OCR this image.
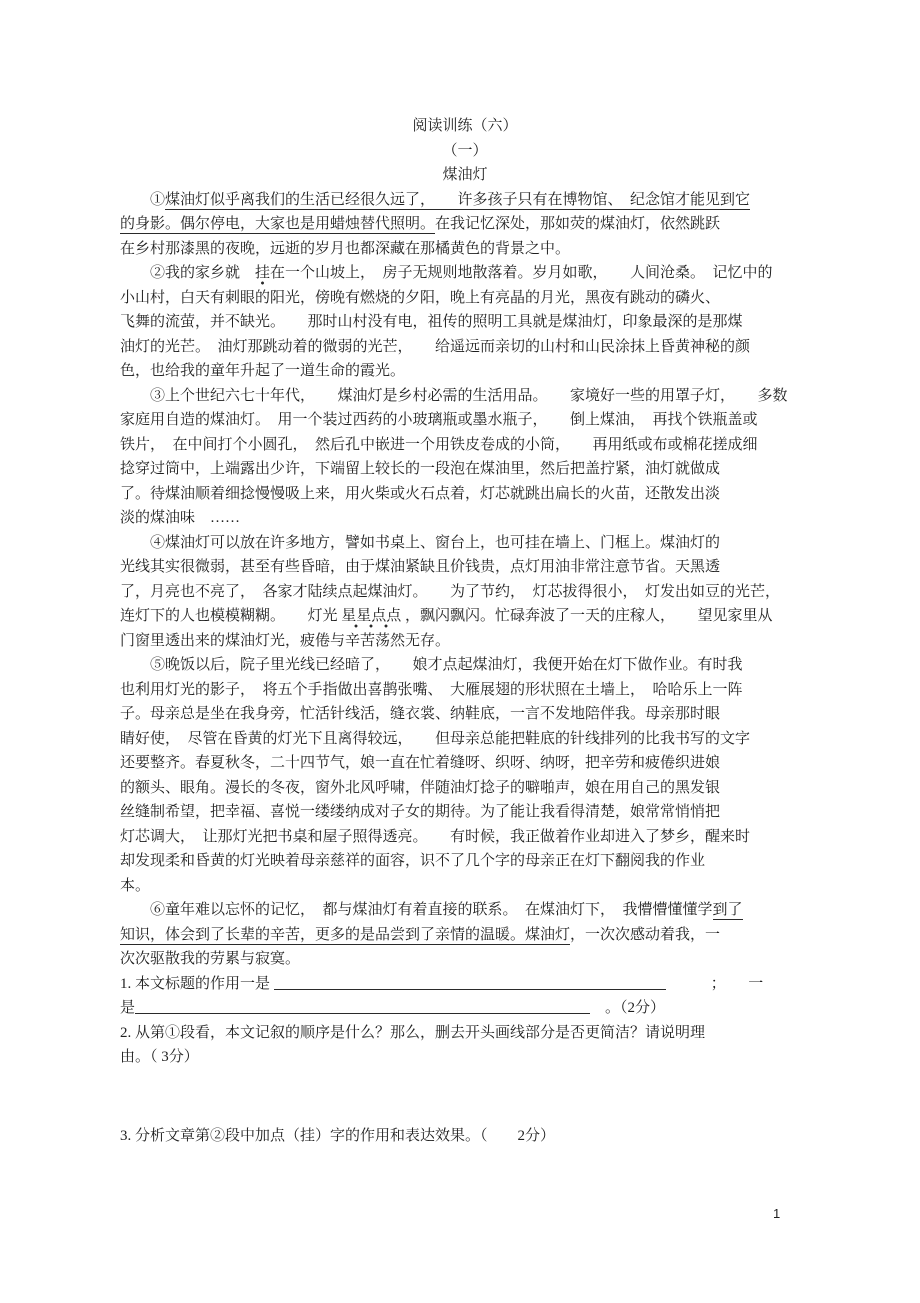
阅读训练（六）
（一）
煤油灯
　　①煤油灯似乎离我们的生活已经很久远了，　　许多孩子只有在博物馆、　纪念馆才能见到它
的身影。偶尔停电，大家也是用蜡烛替代照明。在我记忆深处，那如荧的煤油灯，依然跳跃
在乡村那漆黑的夜晚，远逝的岁月也都深藏在那橘黄色的背景之中。
　　②我的家乡就　挂在一个山坡上，　房子无规则地散落着。岁月如歌，　　人间沧桑。　记忆中的
小山村，白天有刺眼的阳光，傍晚有燃烧的夕阳，晚上有亮晶的月光，黑夜有跳动的磷火、
飞舞的流萤，并不缺光。　　那时山村没有电，祖传的照明工具就是煤油灯，印象最深的是那煤
油灯的光芒。　油灯那跳动着的微弱的光芒，　　给遥远而亲切的山村和山民涂抹上昏黄神秘的颜
色，也给我的童年升起了一道生命的霞光。
　　③上个世纪六七十年代，　　煤油灯是乡村必需的生活用品。　　家境好一些的用罩子灯，　　多数
家庭用自造的煤油灯。　用一个装过西药的小玻璃瓶或墨水瓶子，　　倒上煤油，　再找个铁瓶盖或
铁片，　在中间打个小圆孔，　然后孔中嵌进一个用铁皮卷成的小筒，　　再用纸或布或棉花搓成细
捻穿过筒中，上端露出少许，下端留上较长的一段泡在煤油里，然后把盖拧紧，油灯就做成
了。待煤油顺着细捻慢慢吸上来，用火柴或火石点着，灯芯就跳出扁长的火苗，还散发出淡
淡的煤油味　……
　　④煤油灯可以放在许多地方，譬如书桌上、窗台上，也可挂在墙上、门框上。煤油灯的
光线其实很微弱，甚至有些昏暗，由于煤油紧缺且价钱贵，点灯用油非常注意节省。天黑透
了，月亮也不亮了，　各家才陆续点起煤油灯。　　为了节约，　灯芯拔得很小，　灯发出如豆的光芒，
连灯下的人也模模糊糊。　　灯光 星星点点 ，飘闪飘闪。忙碌奔波了一天的庄稼人，　　望见家里从
门窗里透出来的煤油灯光，疲倦与辛苦荡然无存。
　　⑤晚饭以后，院子里光线已经暗了，　　娘才点起煤油灯，我便开始在灯下做作业。有时我
也利用灯光的影子，　将五个手指做出喜鹊张嘴、　大雁展翅的形状照在土墙上，　哈哈乐上一阵
子。母亲总是坐在我身旁，忙活针线活，缝衣裳、纳鞋底，一言不发地陪伴我。母亲那时眼
睛好使，　尽管在昏黄的灯光下且离得较远，　　但母亲总能把鞋底的针线排列的比我书写的文字
还要整齐。春夏秋冬，二十四节气，娘一直在忙着缝呀、织呀、纳呀，把辛劳和疲倦织进娘
的额头、眼角。漫长的冬夜，窗外北风呼啸，伴随油灯捻子的噼啪声，娘在用自己的黑发银
丝缝制希望，把幸福、喜悦一缕缕纳成对子女的期待。为了能让我看得清楚，娘常常悄悄把
灯芯调大，　让那灯光把书桌和屋子照得透亮。　　有时候，我正做着作业却进入了梦乡，醒来时
却发现柔和昏黄的灯光映着母亲慈祥的面容，识不了几个字的母亲正在灯下翻阅我的作业
本。
　　⑥童年难以忘怀的记忆，　都与煤油灯有着直接的联系。　在煤油灯下，　我懵懵懂懂学到了
知识，体会到了长辈的辛苦，更多的是品尝到了亲情的温暖。煤油灯，一次次感动着我，一
次次驱散我的劳累与寂寞。
1. 本文标题的作用一是	　　　；　　一
是	　。（2分）
2. 从第①段看，本文记叙的顺序是什么？那么，删去开头画线部分是否更简洁？请说明理
由。（ 3分）
3. 分析文章第②段中加点（挂）字的作用和表达效果。（　　2分）
1
